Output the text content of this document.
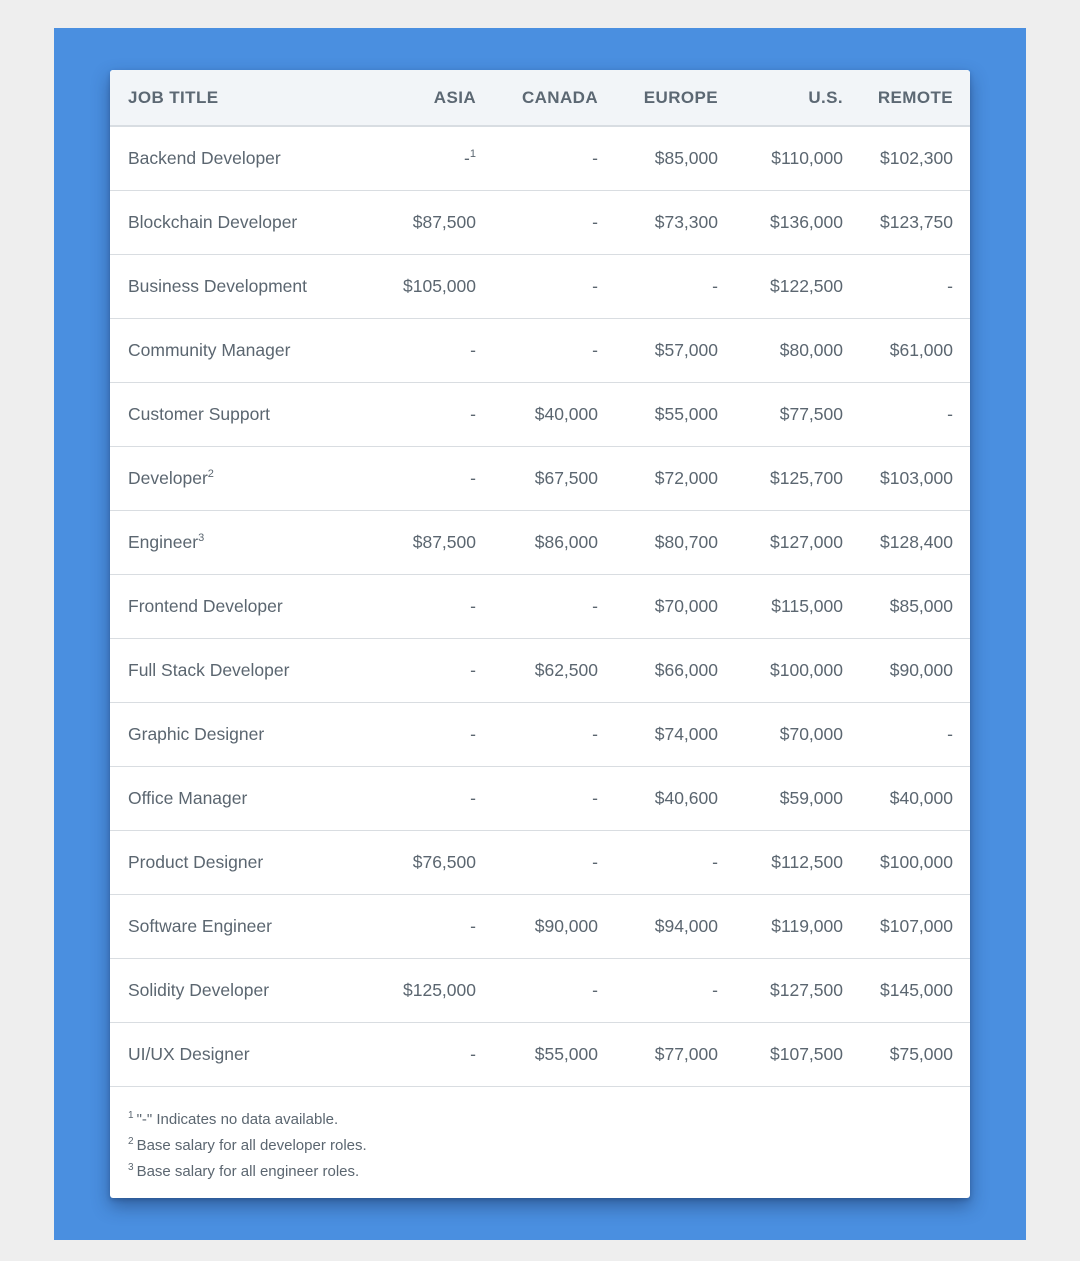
JOB TITLE	ASIA	CANADA	EUROPE	U.S.	REMOTE
Backend Developer	-$^1$	-	$85,000	$110,000	$102,300
Blockchain Developer	$87,500	-	$73,300	$136,000	$123,750
Business Development	$105,000	-	-	$122,500	-
Community Manager	-	-	$57,000	$80,000	$61,000
Customer Support	-	$40,000	$55,000	$77,500	-
Developer$^2$	-	$67,500	$72,000	$125,700	$103,000
Engineer$^3$	$87,500	$86,000	$80,700	$127,000	$128,400
Frontend Developer	-	-	$70,000	$115,000	$85,000
Full Stack Developer	-	$62,500	$66,000	$100,000	$90,000
Graphic Designer	-	-	$74,000	$70,000	-
Office Manager	-	-	$40,600	$59,000	$40,000
Product Designer	$76,500	-	-	$112,500	$100,000
Software Engineer	-	$90,000	$94,000	$119,000	$107,000
Solidity Developer	$125,000	-	-	$127,500	$145,000
UI/UX Designer	-	$55,000	$77,000	$107,500	$75,000
$^1$ "-" Indicates no data available.
$^2$ Base salary for all developer roles.
$^3$ Base salary for all engineer roles.
